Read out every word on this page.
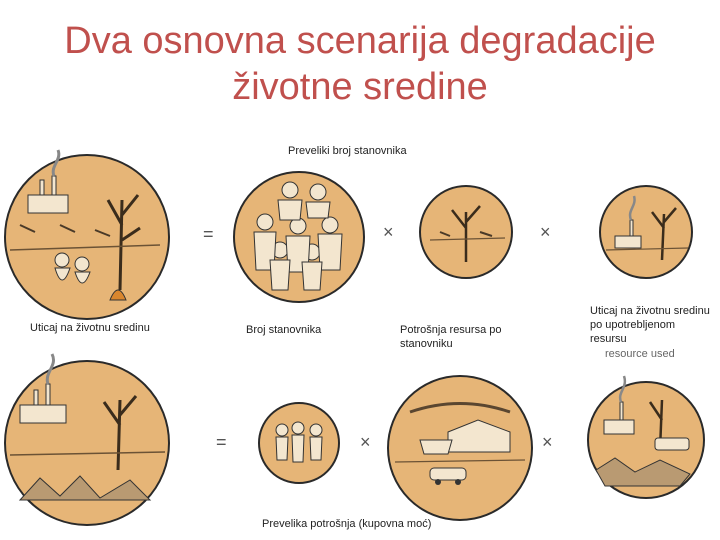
Dva osnovna scenarija degradacije
životne sredine
Preveliki broj stanovnika
=	×	×
Uticaj na životnu sredinu	Broj stanovnika	Potrošnja resursa po stanovniku
Uticaj na životnu sredinu po upotrebljenom resursu
resource used
=	×	×
Prevelika potrošnja (kupovna moć)
